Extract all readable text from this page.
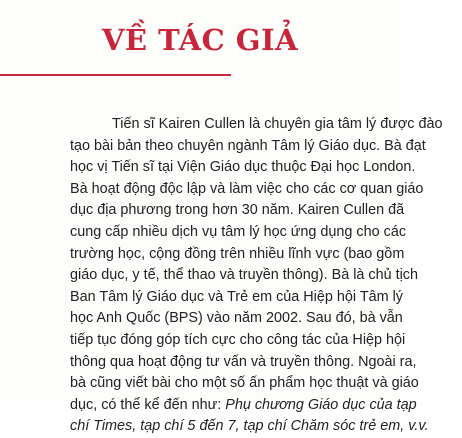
VỀ TÁC GIẢ
Tiến sĩ Kairen Cullen là chuyên gia tâm lý được đào
tạo bài bản theo chuyên ngành Tâm lý Giáo dục. Bà đạt
học vị Tiến sĩ tại Viện Giáo dục thuộc Đại học London.
Bà hoạt động độc lập và làm việc cho các cơ quan giáo
dục địa phương trong hơn 30 năm. Kairen Cullen đã
cung cấp nhiều dịch vụ tâm lý học ứng dụng cho các
trường học, cộng đồng trên nhiều lĩnh vực (bao gồm
giáo dục, y tế, thể thao và truyền thông). Bà là chủ tịch
Ban Tâm lý Giáo dục và Trẻ em của Hiệp hội Tâm lý
học Anh Quốc (BPS) vào năm 2002. Sau đó, bà vẫn
tiếp tục đóng góp tích cực cho công tác của Hiệp hội
thông qua hoạt động tư vấn và truyền thông. Ngoài ra,
bà cũng viết bài cho một số ấn phẩm học thuật và giáo
dục, có thể kể đến như: Phụ chương Giáo dục của tạp
chí Times, tạp chí 5 đến 7, tạp chí Chăm sóc trẻ em, v.v.
